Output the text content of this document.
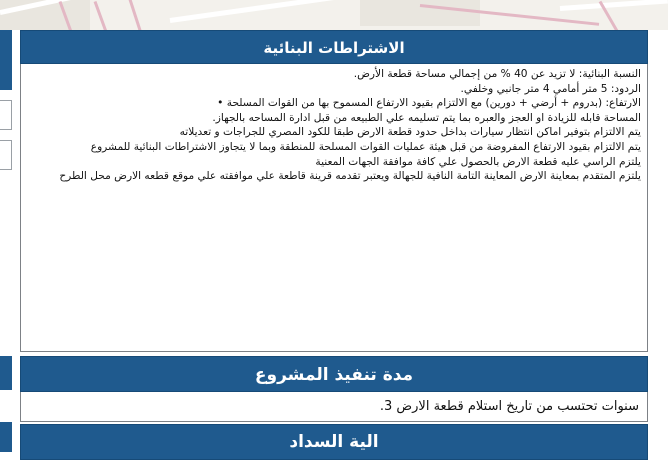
الاشتراطات البنائية

النسبة البنائية: لا تزيد عن 40 % من إجمالي مساحة قطعة الأرض.

الردود: 5 متر أمامي 4 متر جانبي وخلفي.

الارتفاع: (بدروم + أرضي + دورين) مع الالتزام بقيود الارتفاع المسموح بها من القوات المسلحة •

المساحة قابله للزيادة او العجز والعبره بما يتم تسليمه علي الطبيعه من قبل ادارة المساحه بالجهاز.

يتم الالتزام بتوفير اماكن انتظار سيارات بداخل حدود قطعة الارض طبقا للكود المصري للجراجات و تعديلاته

يتم الالتزام بقيود الارتفاع المفروضة من قبل هيئة عمليات القوات المسلحة للمنطقة وبما لا يتجاوز الاشتراطات البنائية للمشروع

يلتزم الراسي عليه قطعة الارض بالحصول علي كافة موافقة الجهات المعنية

يلتزم المتقدم بمعاينة الارض المعاينة التامة النافية للجهالة ويعتبر تقدمه قرينة قاطعة علي موافقته علي موقع قطعه الارض محل الطرح

مدة تنفيذ المشروع
سنوات تحتسب من تاريخ استلام قطعة الارض 3.
الية السداد
